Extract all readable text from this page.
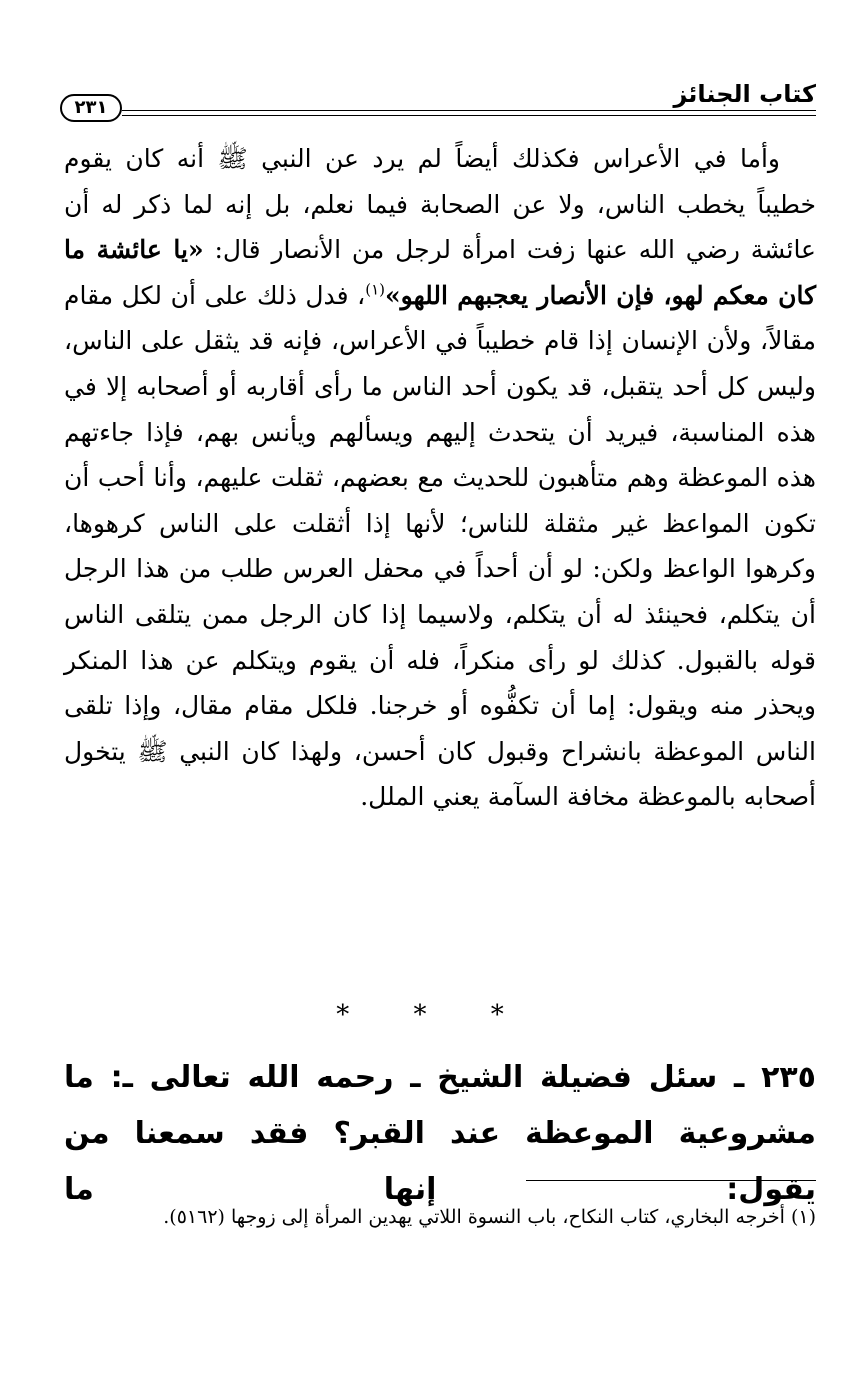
كتاب الجنائز
٢٣١

وأما في الأعراس فكذلك أيضاً لم يرد عن النبي ﷺ أنه كان يقوم خطيباً يخطب الناس، ولا عن الصحابة فيما نعلم، بل إنه لما ذكر له أن عائشة رضي الله عنها زفت امرأة لرجل من الأنصار قال: «يا عائشة ما كان معكم لهو، فإن الأنصار يعجبهم اللهو»$^{(١)}$، فدل ذلك على أن لكل مقام مقالاً، ولأن الإنسان إذا قام خطيباً في الأعراس، فإنه قد يثقل على الناس، وليس كل أحد يتقبل، قد يكون أحد الناس ما رأى أقاربه أو أصحابه إلا في هذه المناسبة، فيريد أن يتحدث إليهم ويسألهم ويأنس بهم، فإذا جاءتهم هذه الموعظة وهم متأهبون للحديث مع بعضهم، ثقلت عليهم، وأنا أحب أن تكون المواعظ غير مثقلة للناس؛ لأنها إذا أثقلت على الناس كرهوها، وكرهوا الواعظ ولكن: لو أن أحداً في محفل العرس طلب من هذا الرجل أن يتكلم، فحينئذ له أن يتكلم، ولاسيما إذا كان الرجل ممن يتلقى الناس قوله بالقبول. كذلك لو رأى منكراً، فله أن يقوم ويتكلم عن هذا المنكر ويحذر منه ويقول: إما أن تكفُّوه أو خرجنا. فلكل مقام مقال، وإذا تلقى الناس الموعظة بانشراح وقبول كان أحسن، ولهذا كان النبي ﷺ يتخول أصحابه بالموعظة مخافة السآمة يعني الملل.

* * *
٢٣٥ ـ سئل فضيلة الشيخ ـ رحمه الله تعالى ـ: ما مشروعية الموعظة عند القبر؟ فقد سمعنا من يقول: إنها ما
(١) أخرجه البخاري، كتاب النكاح، باب النسوة اللاتي يهدين المرأة إلى زوجها (٥١٦٢).
